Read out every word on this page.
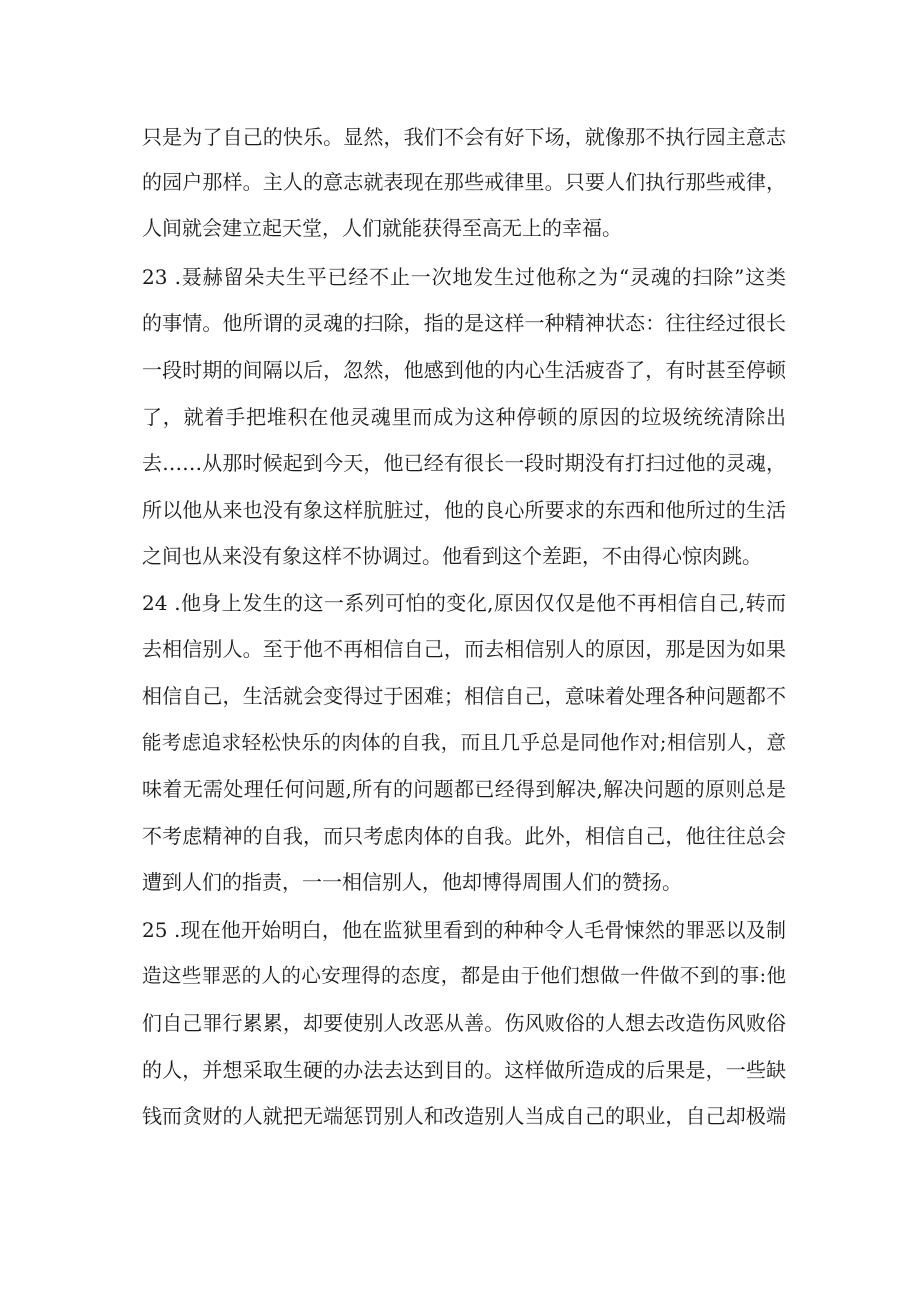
只是为了自己的快乐。显然，我们不会有好下场，就像那不执行园主意志
的园户那样。主人的意志就表现在那些戒律里。只要人们执行那些戒律，
人间就会建立起天堂，人们就能获得至高无上的幸福。
23 .聂赫留朵夫生平已经不止一次地发生过他称之为“灵魂的扫除”这类
的事情。他所谓的灵魂的扫除，指的是这样一种精神状态：往往经过很长
一段时期的间隔以后，忽然，他感到他的内心生活疲沓了，有时甚至停顿
了，就着手把堆积在他灵魂里而成为这种停顿的原因的垃圾统统清除出
去……从那时候起到今天，他已经有很长一段时期没有打扫过他的灵魂，
所以他从来也没有象这样肮脏过，他的良心所要求的东西和他所过的生活
之间也从来没有象这样不协调过。他看到这个差距，不由得心惊肉跳。
24 .他身上发生的这一系列可怕的变化,原因仅仅是他不再相信自己,转而
去相信别人。至于他不再相信自己，而去相信别人的原因，那是因为如果
相信自己，生活就会变得过于困难；相信自己，意味着处理各种问题都不
能考虑追求轻松快乐的肉体的自我，而且几乎总是同他作对;相信别人，意
味着无需处理任何问题,所有的问题都已经得到解决,解决问题的原则总是
不考虑精神的自我，而只考虑肉体的自我。此外，相信自己，他往往总会
遭到人们的指责，一一相信别人，他却博得周围人们的赞扬。
25 .现在他开始明白，他在监狱里看到的种种令人毛骨悚然的罪恶以及制
造这些罪恶的人的心安理得的态度，都是由于他们想做一件做不到的事:他
们自己罪行累累，却要使别人改恶从善。伤风败俗的人想去改造伤风败俗
的人，并想采取生硬的办法去达到目的。这样做所造成的后果是，一些缺
钱而贪财的人就把无端惩罚别人和改造别人当成自己的职业，自己却极端
